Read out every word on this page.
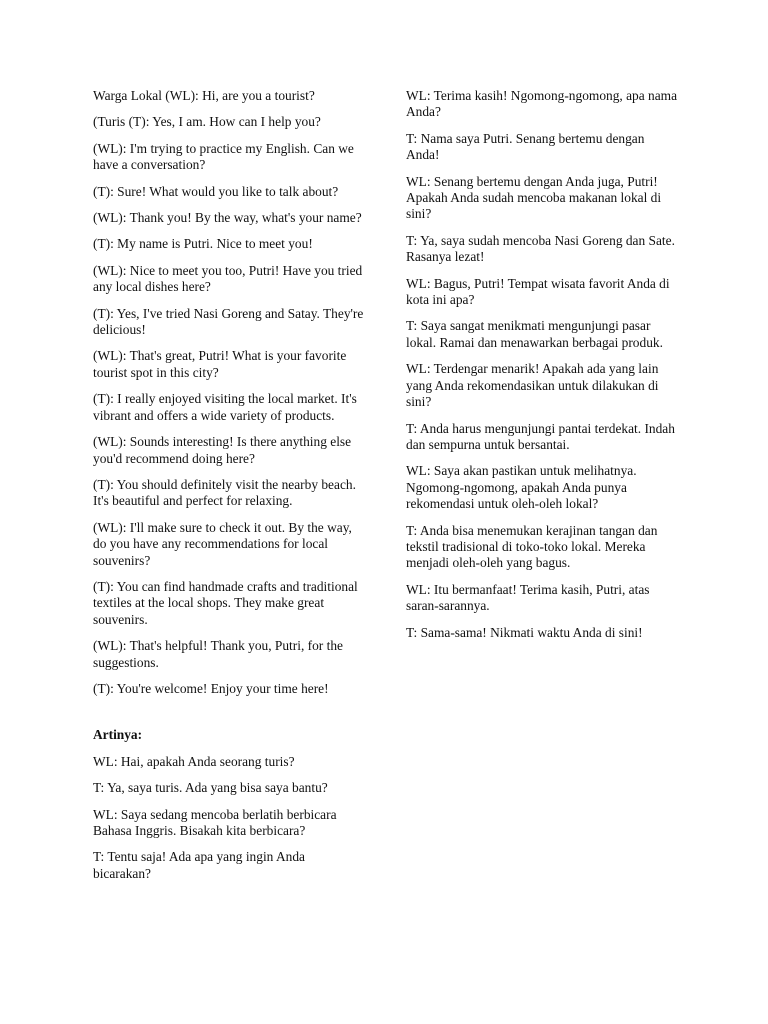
Warga Lokal (WL): Hi, are you a tourist?

(Turis (T): Yes, I am. How can I help you?

(WL): I'm trying to practice my English. Can we have a conversation?

(T): Sure! What would you like to talk about?

(WL): Thank you! By the way, what's your name?

(T): My name is Putri. Nice to meet you!

(WL): Nice to meet you too, Putri! Have you tried any local dishes here?

(T): Yes, I've tried Nasi Goreng and Satay. They're delicious!

(WL): That's great, Putri! What is your favorite tourist spot in this city?

(T): I really enjoyed visiting the local market. It's vibrant and offers a wide variety of products.

(WL): Sounds interesting! Is there anything else you'd recommend doing here?

(T): You should definitely visit the nearby beach. It's beautiful and perfect for relaxing.

(WL): I'll make sure to check it out. By the way, do you have any recommendations for local souvenirs?

(T): You can find handmade crafts and traditional textiles at the local shops. They make great souvenirs.

(WL): That's helpful! Thank you, Putri, for the suggestions.

(T): You're welcome! Enjoy your time here!

Artinya:

WL: Hai, apakah Anda seorang turis?

T: Ya, saya turis. Ada yang bisa saya bantu?

WL: Saya sedang mencoba berlatih berbicara Bahasa Inggris. Bisakah kita berbicara?

T: Tentu saja! Ada apa yang ingin Anda bicarakan?

WL: Terima kasih! Ngomong-ngomong, apa nama Anda?

T: Nama saya Putri. Senang bertemu dengan Anda!

WL: Senang bertemu dengan Anda juga, Putri! Apakah Anda sudah mencoba makanan lokal di sini?

T: Ya, saya sudah mencoba Nasi Goreng dan Sate. Rasanya lezat!

WL: Bagus, Putri! Tempat wisata favorit Anda di kota ini apa?

T: Saya sangat menikmati mengunjungi pasar lokal. Ramai dan menawarkan berbagai produk.

WL: Terdengar menarik! Apakah ada yang lain yang Anda rekomendasikan untuk dilakukan di sini?

T: Anda harus mengunjungi pantai terdekat. Indah dan sempurna untuk bersantai.

WL: Saya akan pastikan untuk melihatnya. Ngomong-ngomong, apakah Anda punya rekomendasi untuk oleh-oleh lokal?

T: Anda bisa menemukan kerajinan tangan dan tekstil tradisional di toko-toko lokal. Mereka menjadi oleh-oleh yang bagus.

WL: Itu bermanfaat! Terima kasih, Putri, atas saran-sarannya.

T: Sama-sama! Nikmati waktu Anda di sini!
